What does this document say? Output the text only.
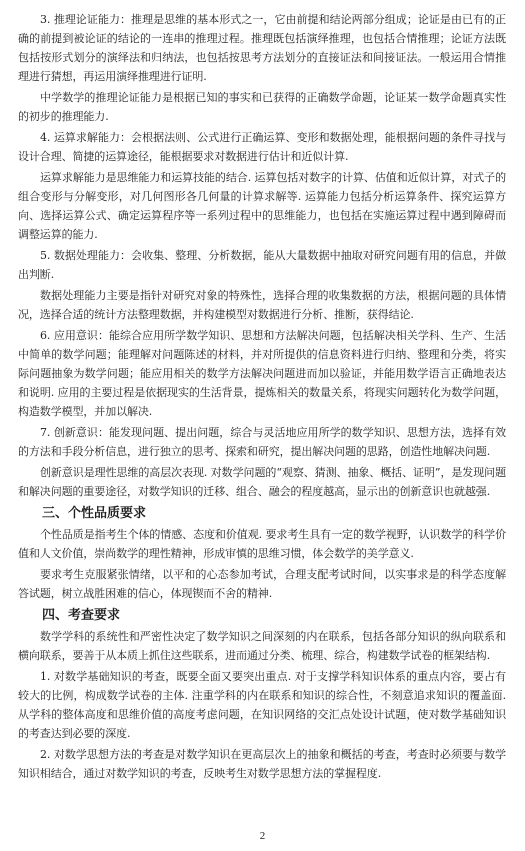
3. 推理论证能力：推理是思维的基本形式之一，它由前提和结论两部分组成；论证是由已有的正确的前提到被论证的结论的一连串的推理过程。推理既包括演绎推理，也包括合情推理；论证方法既包括按形式划分的演绎法和归纳法，也包括按思考方法划分的直接证法和间接证法。一般运用合情推理进行猜想，再运用演绎推理进行证明.

中学数学的推理论证能力是根据已知的事实和已获得的正确数学命题，论证某一数学命题真实性的初步的推理能力.

4. 运算求解能力：会根据法则、公式进行正确运算、变形和数据处理，能根据问题的条件寻找与设计合理、简捷的运算途径，能根据要求对数据进行估计和近似计算.

运算求解能力是思维能力和运算技能的结合. 运算包括对数字的计算、估值和近似计算，对式子的组合变形与分解变形，对几何图形各几何量的计算求解等. 运算能力包括分析运算条件、探究运算方向、选择运算公式、确定运算程序等一系列过程中的思维能力，也包括在实施运算过程中遇到障碍而调整运算的能力.

5. 数据处理能力：会收集、整理、分析数据，能从大量数据中抽取对研究问题有用的信息，并做出判断.

数据处理能力主要是指针对研究对象的特殊性，选择合理的收集数据的方法，根据问题的具体情况，选择合适的统计方法整理数据，并构建模型对数据进行分析、推断，获得结论.

6. 应用意识：能综合应用所学数学知识、思想和方法解决问题，包括解决相关学科、生产、生活中简单的数学问题；能理解对问题陈述的材料，并对所提供的信息资料进行归纳、整理和分类，将实际问题抽象为数学问题；能应用相关的数学方法解决问题进而加以验证，并能用数学语言正确地表达和说明. 应用的主要过程是依据现实的生活背景，提炼相关的数量关系，将现实问题转化为数学问题，构造数学模型，并加以解决.

7. 创新意识：能发现问题、提出问题，综合与灵活地应用所学的数学知识、思想方法，选择有效的方法和手段分析信息，进行独立的思考、探索和研究，提出解决问题的思路，创造性地解决问题.

创新意识是理性思维的高层次表现. 对数学问题的“观察、猜测、抽象、概括、证明”，是发现问题和解决问题的重要途径，对数学知识的迁移、组合、融会的程度越高，显示出的创新意识也就越强.

三、个性品质要求

个性品质是指考生个体的情感、态度和价值观. 要求考生具有一定的数学视野，认识数学的科学价值和人文价值，崇尚数学的理性精神，形成审慎的思维习惯，体会数学的美学意义.

要求考生克服紧张情绪，以平和的心态参加考试，合理支配考试时间，以实事求是的科学态度解答试题，树立战胜困难的信心，体现锲而不舍的精神.

四、考查要求

数学学科的系统性和严密性决定了数学知识之间深刻的内在联系，包括各部分知识的纵向联系和横向联系，要善于从本质上抓住这些联系，进而通过分类、梳理、综合，构建数学试卷的框架结构.

1. 对数学基础知识的考查，既要全面又要突出重点. 对于支撑学科知识体系的重点内容，要占有较大的比例，构成数学试卷的主体. 注重学科的内在联系和知识的综合性，不刻意追求知识的覆盖面. 从学科的整体高度和思维价值的高度考虑问题，在知识网络的交汇点处设计试题，使对数学基础知识的考查达到必要的深度.

2. 对数学思想方法的考查是对数学知识在更高层次上的抽象和概括的考查，考查时必须要与数学知识相结合，通过对数学知识的考查，反映考生对数学思想方法的掌握程度.

2
